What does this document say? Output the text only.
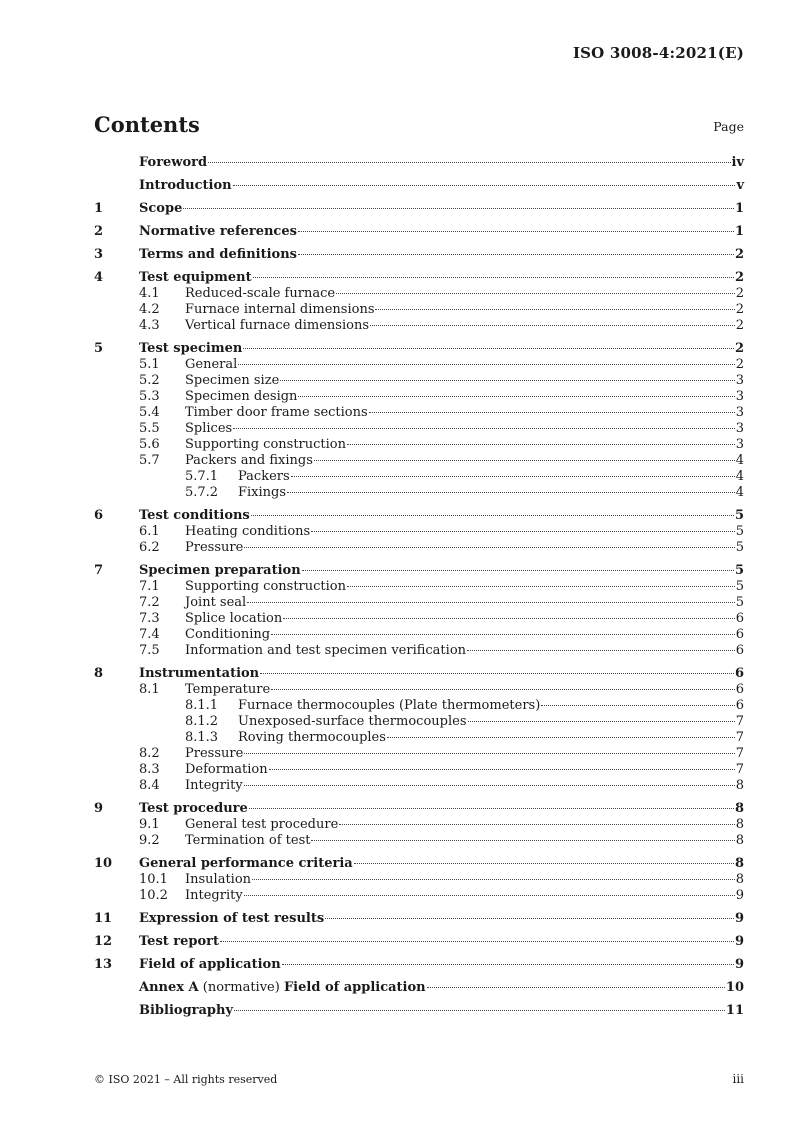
ISO 3008-4:2021(E)
Contents	Page
Foreword	iv
Introduction	v
1	Scope	1
2	Normative references	1
3	Terms and definitions	2
4	Test equipment	2
4.1	Reduced-scale furnace	2
4.2	Furnace internal dimensions	2
4.3	Vertical furnace dimensions	2
5	Test specimen	2
5.1	General	2
5.2	Specimen size	3
5.3	Specimen design	3
5.4	Timber door frame sections	3
5.5	Splices	3
5.6	Supporting construction	3
5.7	Packers and fixings	4
5.7.1	Packers	4
5.7.2	Fixings	4
6	Test conditions	5
6.1	Heating conditions	5
6.2	Pressure	5
7	Specimen preparation	5
7.1	Supporting construction	5
7.2	Joint seal	5
7.3	Splice location	6
7.4	Conditioning	6
7.5	Information and test specimen verification	6
8	Instrumentation	6
8.1	Temperature	6
8.1.1	Furnace thermocouples (Plate thermometers)	6
8.1.2	Unexposed-surface thermocouples	7
8.1.3	Roving thermocouples	7
8.2	Pressure	7
8.3	Deformation	7
8.4	Integrity	8
9	Test procedure	8
9.1	General test procedure	8
9.2	Termination of test	8
10	General performance criteria	8
10.1	Insulation	8
10.2	Integrity	9
11	Expression of test results	9
12	Test report	9
13	Field of application	9
Annex A (normative) Field of application	10
Bibliography	11
© ISO 2021 – All rights reserved	iii
